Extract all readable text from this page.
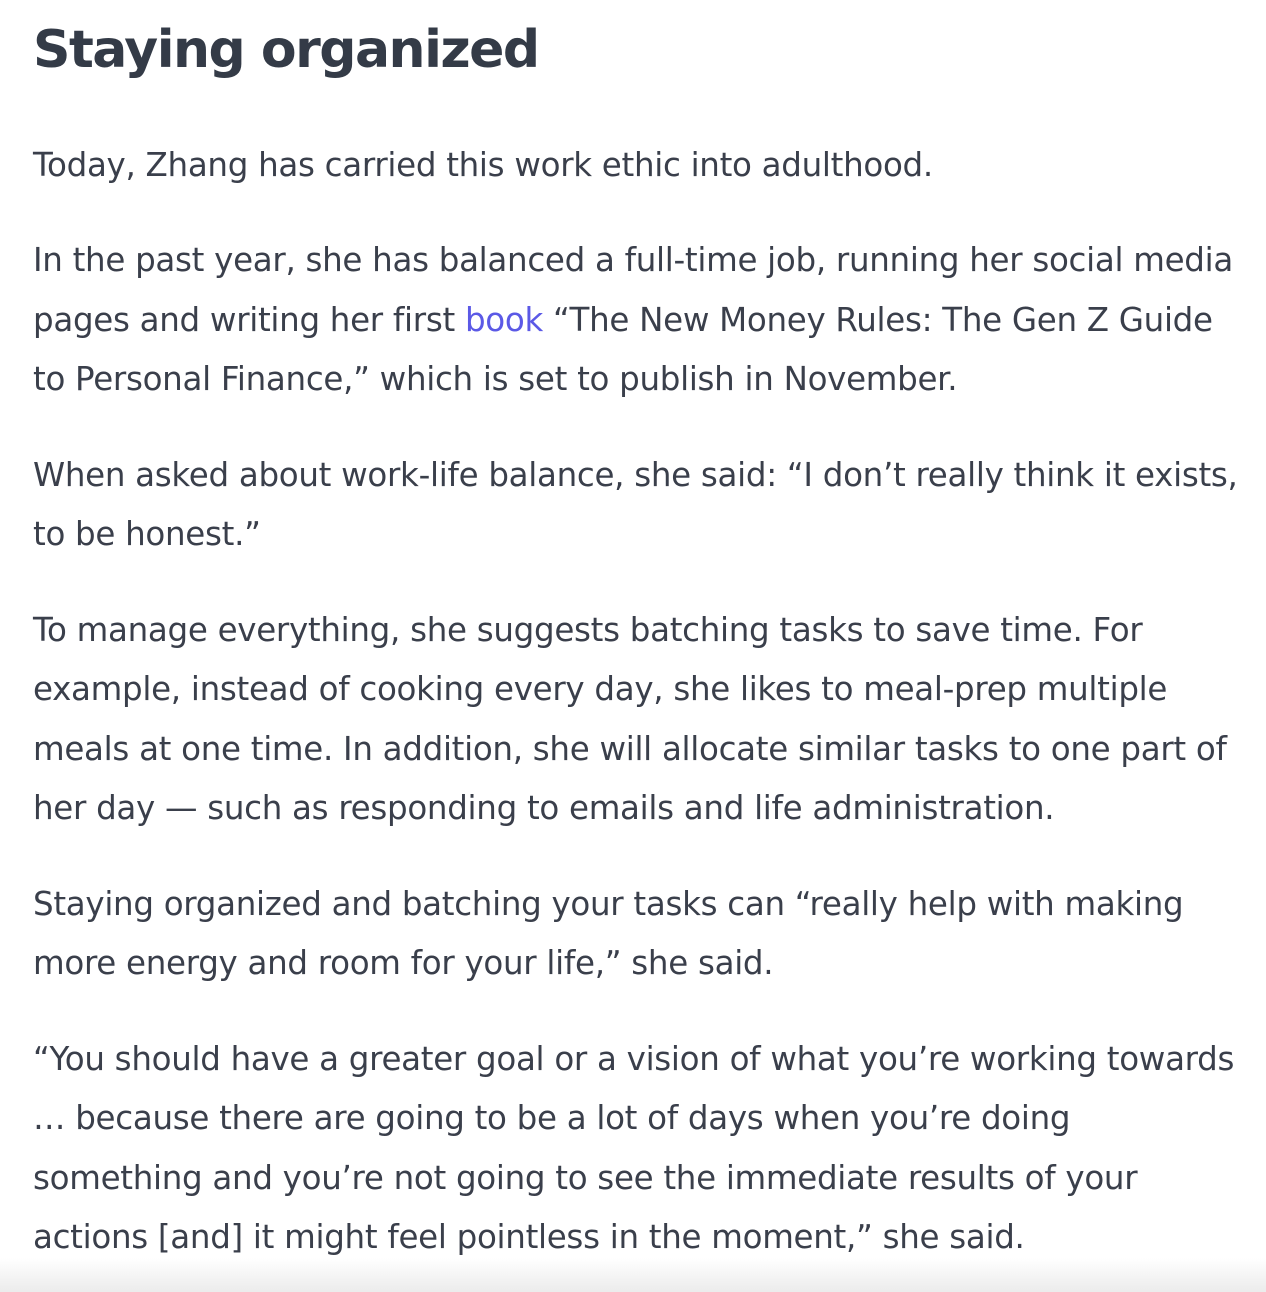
Staying organized

Today, Zhang has carried this work ethic into adulthood.

In the past year, she has balanced a full-time job, running her social media pages and writing her first book “The New Money Rules: The Gen Z Guide to Personal Finance,” which is set to publish in November.

When asked about work-life balance, she said: “I don’t really think it exists, to be honest.”

To manage everything, she suggests batching tasks to save time. For example, instead of cooking every day, she likes to meal-prep multiple meals at one time. In addition, she will allocate similar tasks to one part of her day — such as responding to emails and life administration.

Staying organized and batching your tasks can “really help with making more energy and room for your life,” she said.

“You should have a greater goal or a vision of what you’re working towards … because there are going to be a lot of days when you’re doing something and you’re not going to see the immediate results of your actions [and] it might feel pointless in the moment,” she said.
